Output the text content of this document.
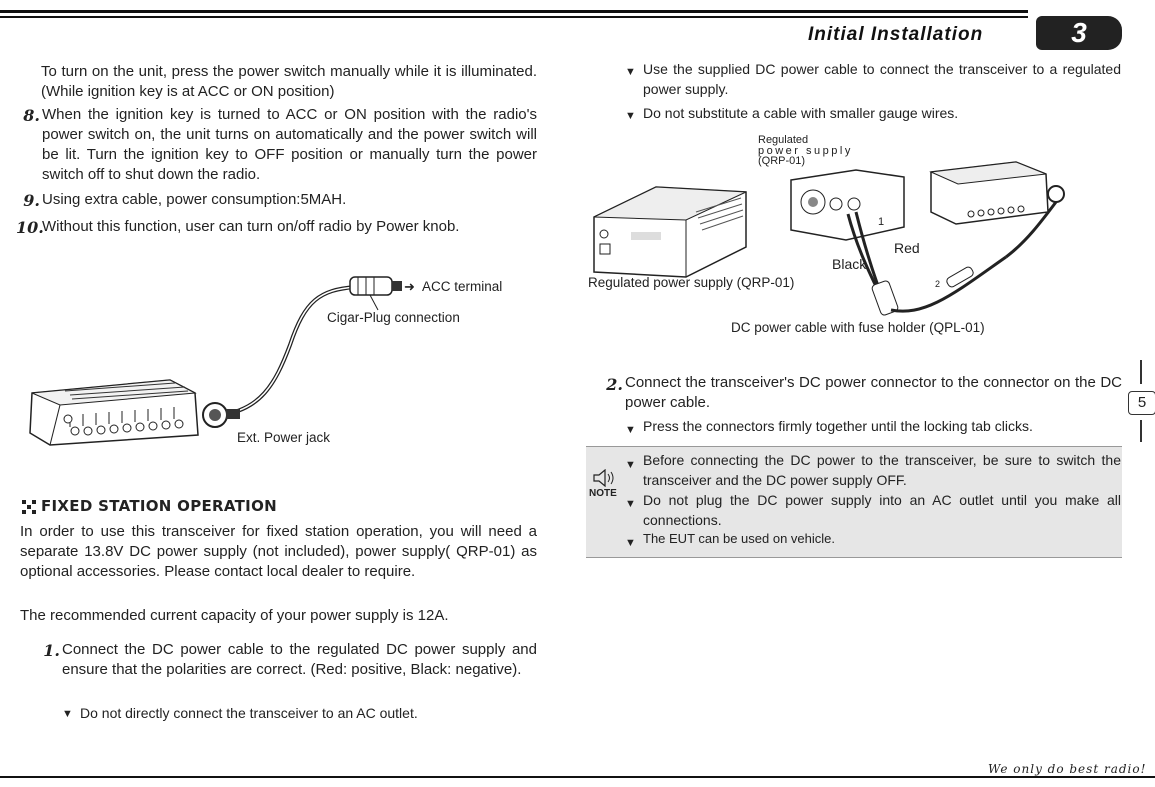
Initial Installation	3
To turn on the unit, press the power switch manually while it is illuminated. (While ignition key is at ACC or ON position)
8. When the ignition key is turned to ACC or ON position with the radio's power switch on, the unit turns on automatically and the power switch will be lit. Turn the ignition key to OFF position or manually turn the power switch off to shut down the radio.
9. Using extra cable, power consumption:5MAH.
10.
Without this function, user can turn on/off radio by Power knob.
➜ ACC terminal
Cigar-Plug connection
Ext. Power jack
FIXED STATION OPERATION
In order to use this transceiver for fixed station operation, you will need a separate 13.8V DC power supply (not included), power supply( QRP-01) as optional accessories. Please contact local dealer to require.
The recommended current capacity of your power supply is 12A.
1. Connect the DC power cable to the regulated DC power supply and ensure that the polarities are correct. (Red: positive, Black: negative).
▼ Do not directly connect the transceiver to an AC outlet.
▼ Use the supplied DC power cable to connect the transceiver to a regulated power supply.
▼ Do not substitute a cable with smaller gauge wires.
Regulated
power supply
(QRP-01)
1
Red
Black
2
Regulated power supply (QRP-01)
DC power cable with fuse holder (QPL-01)
2. Connect the transceiver's DC power connector to the connector on the DC power cable.
▼ Press the connectors firmly together until the locking tab clicks.
5
NOTE
▼ Before connecting the DC power to the transceiver, be sure to switch the transceiver and the DC power supply OFF.
▼ Do not plug the DC power supply into an AC outlet until you make all connections.
▼ The EUT can be used on vehicle.
We only do best radio!
